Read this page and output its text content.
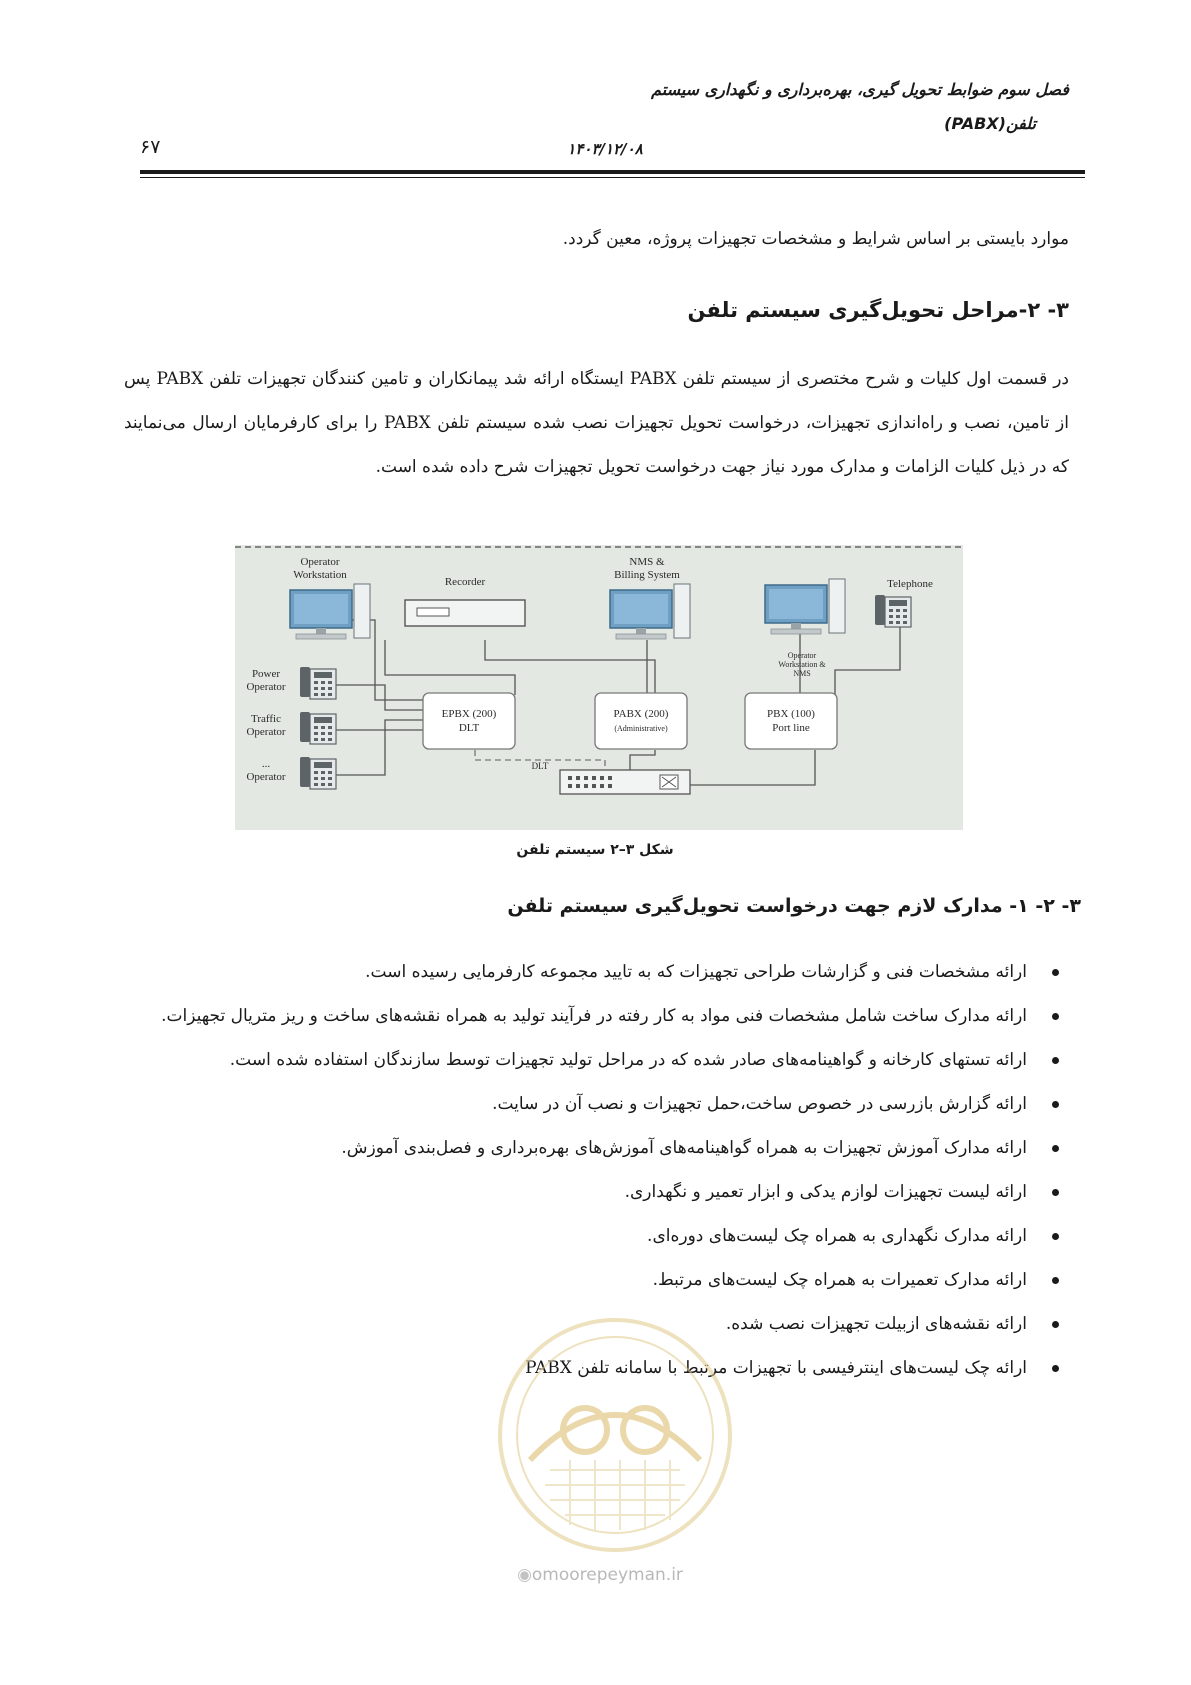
فصل سوم ضوابط تحویل گیری، بهره‌برداری و نگهداری سیستم
تلفن(PABX)
۱۴۰۳/۱۲/۰۸
۶۷
موارد بایستی بر اساس شرایط و مشخصات تجهیزات پروژه، معین گردد.
۳- ۲-مراحل تحویل‌گیری سیستم تلفن
در قسمت اول کلیات و شرح مختصری از سیستم تلفن PABX ایستگاه ارائه شد پیمانکاران و تامین کنندگان تجهیزات تلفن PABX پس از تامین، نصب و راه‌اندازی تجهیزات، درخواست تحویل تجهیزات نصب شده سیستم تلفن PABX را برای کارفرمایان ارسال می‌نمایند که در ذیل کلیات الزامات و مدارک مورد نیاز جهت درخواست تحویل تجهیزات شرح داده شده است.
Operator
Workstation
Recorder
NMS &
Billing System
Telephone
Power
Operator
Traffic
Operator
...
Operator
EPBX (200)
DLT
PABX (200)
(Administrative)
PBX (100)
Port line
DLT
Operator
Workstation &
NMS
شکل ۳–۲ سیستم تلفن
۳- ۲- ۱- مدارک لازم جهت درخواست تحویل‌گیری سیستم تلفن
ارائه مشخصات فنی و گزارشات طراحی تجهیزات که به تایید مجموعه کارفرمایی رسیده است.
ارائه مدارک ساخت شامل مشخصات فنی مواد به کار رفته در فرآیند تولید به همراه نقشه‌های ساخت و ریز متریال تجهیزات.
ارائه تستهای کارخانه و گواهینامه‌های صادر شده که در مراحل تولید تجهیزات توسط سازندگان استفاده شده است.
ارائه گزارش بازرسی در خصوص ساخت،حمل تجهیزات و نصب آن در سایت.
ارائه مدارک آموزش تجهیزات به همراه گواهینامه‌های آموزش‌های بهره‌برداری و فصل‌بندی آموزش.
ارائه لیست تجهیزات لوازم یدکی و ابزار تعمیر و نگهداری.
ارائه مدارک نگهداری به همراه چک لیست‌های دوره‌ای.
ارائه مدارک تعمیرات به همراه چک لیست‌های مرتبط.
ارائه نقشه‌های ازبیلت تجهیزات نصب شده.
ارائه چک لیست‌های اینترفیسی با تجهیزات مرتبط با سامانه تلفن PABX
◉omoorepeyman.ir
